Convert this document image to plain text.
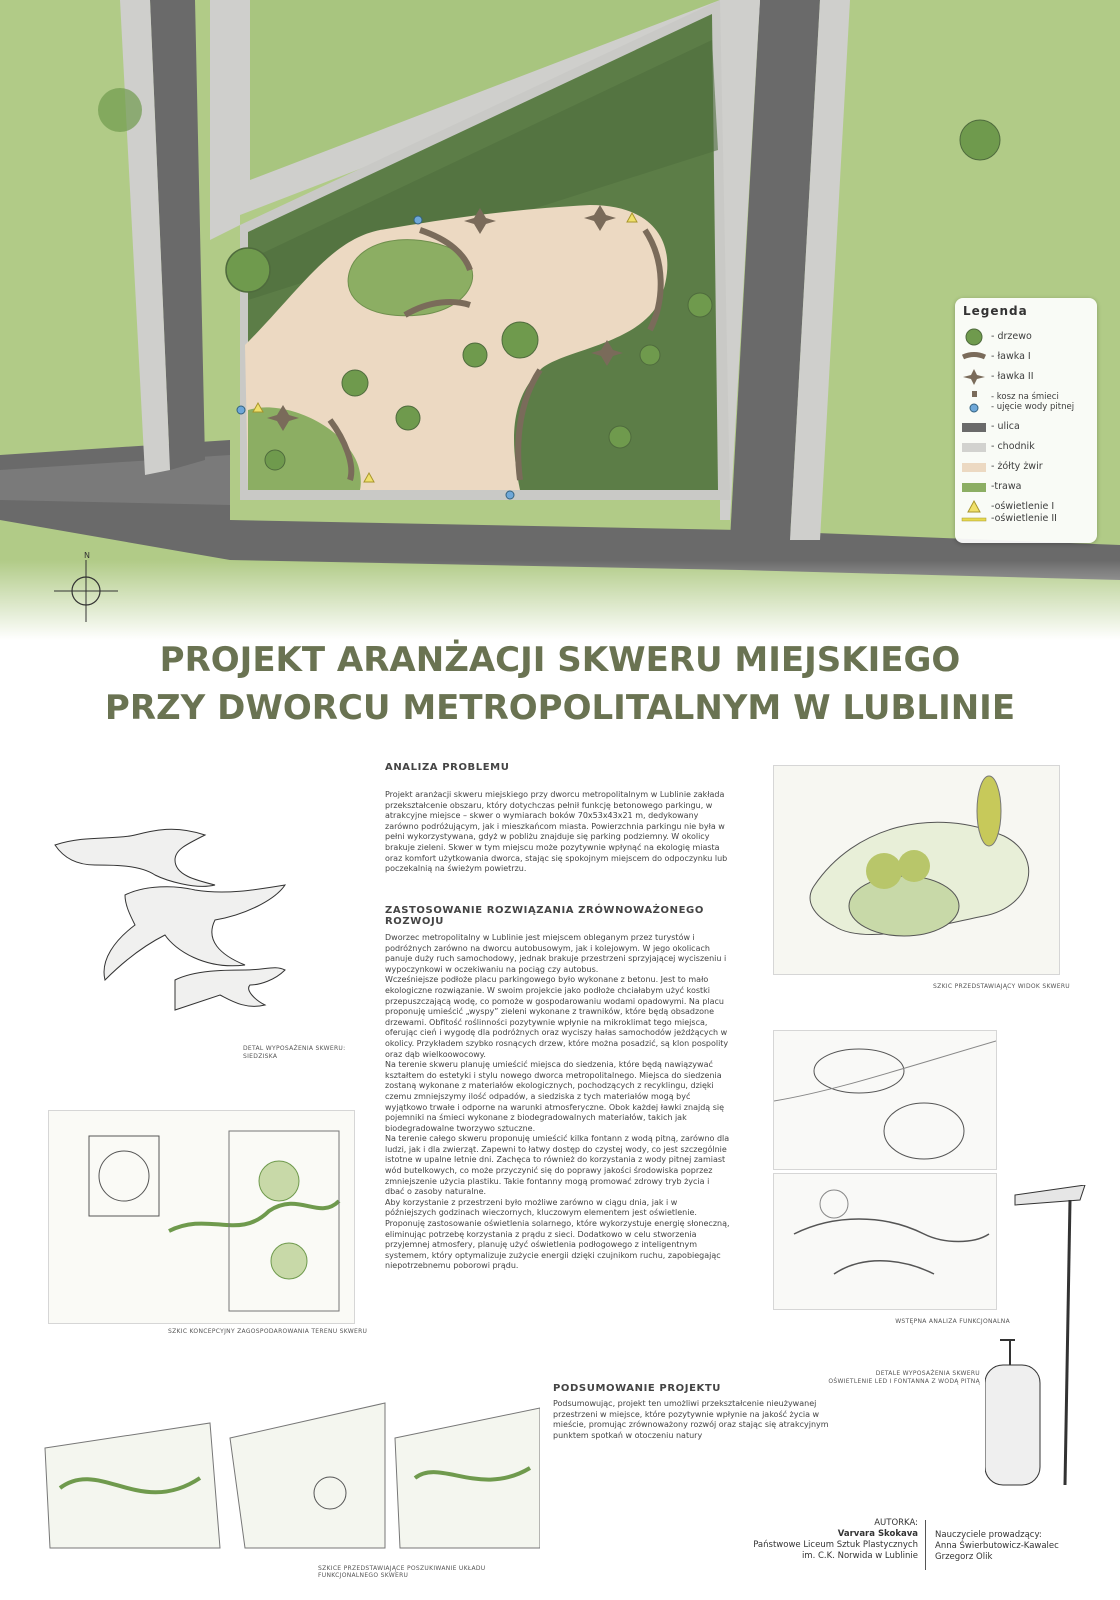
Legenda
- drzewo
- ławka I
- ławka II
- kosz na śmieci
- ujęcie wody pitnej
- ulica
- chodnik
- żółty żwir
-trawa
-oświetlenie I
-oświetlenie II
N
PROJEKT ARANŻACJI SKWERU MIEJSKIEGO
PRZY DWORCU METROPOLITALNYM W LUBLINIE
DETAL WYPOSAŻENIA SKWERU:
SIEDZISKA
SZKIC KONCEPCYJNY ZAGOSPODAROWANIA TERENU SKWERU
ANALIZA PROBLEMU
Projekt aranżacji skweru miejskiego przy dworcu metropolitalnym w Lublinie zakłada przekształcenie obszaru, który dotychczas pełnił funkcję betonowego parkingu, w atrakcyjne miejsce – skwer o wymiarach boków 70x53x43x21 m, dedykowany zarówno podróżującym, jak i mieszkańcom miasta. Powierzchnia parkingu nie była w pełni wykorzystywana, gdyż w pobliżu znajduje się parking podziemny. W okolicy brakuje zieleni. Skwer w tym miejscu może pozytywnie wpłynąć na ekologię miasta oraz komfort użytkowania dworca, stając się spokojnym miejscem do odpoczynku lub poczekalnią na świeżym powietrzu.
ZASTOSOWANIE ROZWIĄZANIA ZRÓWNOWAŻONEGO ROZWOJU
Dworzec metropolitalny w Lublinie jest miejscem obleganym przez turystów i podróżnych zarówno na dworcu autobusowym, jak i kolejowym. W jego okolicach panuje duży ruch samochodowy, jednak brakuje przestrzeni sprzyjającej wyciszeniu i wypoczynkowi w oczekiwaniu na pociąg czy autobus.
Wcześniejsze podłoże placu parkingowego było wykonane z betonu. Jest to mało ekologiczne rozwiązanie. W swoim projekcie jako podłoże chciałabym użyć kostki przepuszczającą wodę, co pomoże w gospodarowaniu wodami opadowymi. Na placu proponuję umieścić „wyspy” zieleni wykonane z trawników, które będą obsadzone drzewami. Obfitość roślinności pozytywnie wpłynie na mikroklimat tego miejsca, oferując cień i wygodę dla podróżnych oraz wyciszy hałas samochodów jeżdżących w okolicy. Przykładem szybko rosnących drzew, które można posadzić, są klon pospolity oraz dąb wielkoowocowy.
Na terenie skweru planuję umieścić miejsca do siedzenia, które będą nawiązywać kształtem do estetyki i stylu nowego dworca metropolitalnego. Miejsca do siedzenia zostaną wykonane z materiałów ekologicznych, pochodzących z recyklingu, dzięki czemu zmniejszymy ilość odpadów, a siedziska z tych materiałów mogą być wyjątkowo trwałe i odporne na warunki atmosferyczne. Obok każdej ławki znajdą się pojemniki na śmieci wykonane z biodegradowalnych materiałów, takich jak biodegradowalne tworzywo sztuczne.
Na terenie całego skweru proponuję umieścić kilka fontann z wodą pitną, zarówno dla ludzi, jak i dla zwierząt. Zapewni to łatwy dostęp do czystej wody, co jest szczególnie istotne w upalne letnie dni. Zachęca to również do korzystania z wody pitnej zamiast wód butelkowych, co może przyczynić się do poprawy jakości środowiska poprzez zmniejszenie użycia plastiku. Takie fontanny mogą promować zdrowy tryb życia i dbać o zasoby naturalne.
Aby korzystanie z przestrzeni było możliwe zarówno w ciągu dnia, jak i w późniejszych godzinach wieczornych, kluczowym elementem jest oświetlenie. Proponuję zastosowanie oświetlenia solarnego, które wykorzystuje energię słoneczną, eliminując potrzebę korzystania z prądu z sieci. Dodatkowo w celu stworzenia przyjemnej atmosfery, planuję użyć oświetlenia podłogowego z inteligentnym systemem, który optymalizuje zużycie energii dzięki czujnikom ruchu, zapobiegając niepotrzebnemu poborowi prądu.
SZKIC PRZEDSTAWIAJĄCY WIDOK SKWERU
WSTĘPNA ANALIZA FUNKCJONALNA
DETALE WYPOSAŻENIA SKWERU
OŚWIETLENIE LED I FONTANNA Z WODĄ PITNĄ
PODSUMOWANIE PROJEKTU
Podsumowując, projekt ten umożliwi przekształcenie nieużywanej przestrzeni w miejsce, które pozytywnie wpłynie na jakość życia w mieście, promując zrównoważony rozwój oraz stając się atrakcyjnym punktem spotkań w otoczeniu natury
SZKICE PRZEDSTAWIAJĄCE POSZUKIWANIE UKŁADU FUNKCJONALNEGO SKWERU
AUTORKA:
Varvara Skokava
Państwowe Liceum Sztuk Plastycznych
im. C.K. Norwida w Lublinie
Nauczyciele prowadzący:
Anna Świerbutowicz-Kawalec
Grzegorz Olik
